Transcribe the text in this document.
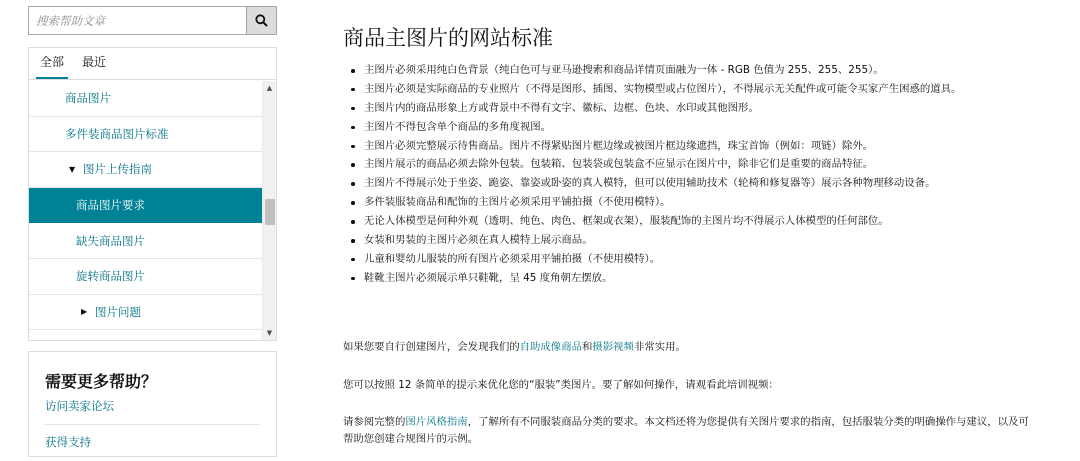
搜索帮助文章
全部	最近
商品图片
多件装商品图片标准
▼ 图片上传指南
商品图片要求
缺失商品图片
旋转商品图片
▶ 图片问题
▲
▼
需要更多帮助？
访问卖家论坛
获得支持
商品主图片的网站标准
主图片必须采用纯白色背景（纯白色可与亚马逊搜索和商品详情页面融为一体 - RGB 色值为 255、255、255）。
主图片必须是实际商品的专业照片（不得是图形、插图、实物模型或占位图片），不得展示无关配件或可能令买家产生困惑的道具。
主图片内的商品形象上方或背景中不得有文字、徽标、边框、色块、水印或其他图形。
主图片不得包含单个商品的多角度视图。
主图片必须完整展示待售商品。图片不得紧贴图片框边缘或被图片框边缘遮挡，珠宝首饰（例如：项链）除外。
主图片展示的商品必须去除外包装。包装箱、包装袋或包装盒不应显示在图片中，除非它们是重要的商品特征。
主图片不得展示处于坐姿、跪姿、靠姿或卧姿的真人模特，但可以使用辅助技术（轮椅和修复器等）展示各种物理移动设备。
多件装服装商品和配饰的主图片必须采用平铺拍摄（不使用模特）。
无论人体模型是何种外观（透明、纯色、肉色、框架或衣架），服装配饰的主图片均不得展示人体模型的任何部位。
女装和男装的主图片必须在真人模特上展示商品。
儿童和婴幼儿服装的所有图片必须采用平铺拍摄（不使用模特）。
鞋靴主图片必须展示单只鞋靴，呈 45 度角朝左摆放。

如果您要自行创建图片，会发现我们的自助成像商品和摄影视频非常实用。

您可以按照 12 条简单的提示来优化您的“服装”类图片。要了解如何操作，请观看此培训视频：

请参阅完整的图片风格指南，了解所有不同服装商品分类的要求。本文档还将为您提供有关图片要求的指南，包括服装分类的明确操作与建议，以及可帮助您创建合规图片的示例。
